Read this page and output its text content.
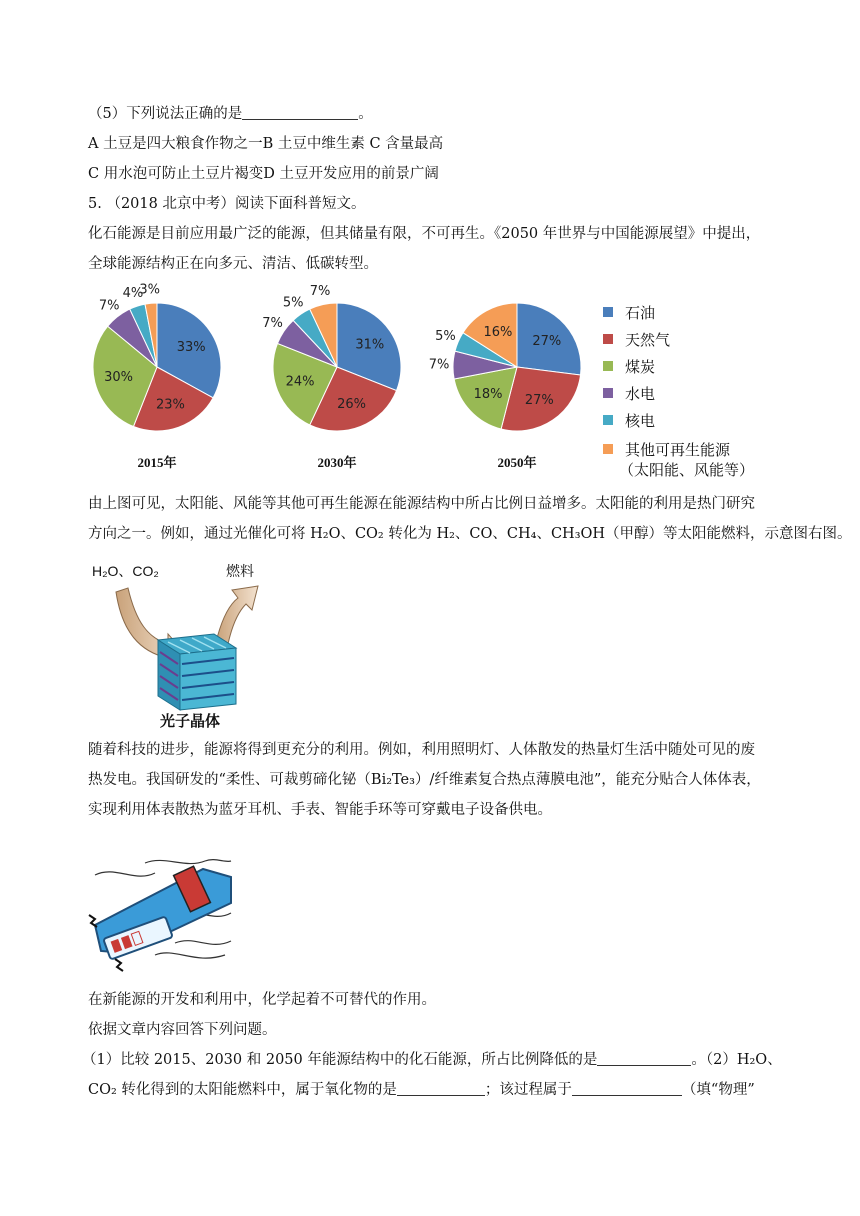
（5）下列说法正确的是	。
A 土豆是四大粮食作物之一B 土豆中维生素 C 含量最高
C 用水泡可防止土豆片褐变D 土豆开发应用的前景广阔
5. （2018 北京中考）阅读下面科普短文。
化石能源是目前应用最广泛的能源，但其储量有限，不可再生。《2050 年世界与中国能源展望》中提出，
全球能源结构正在向多元、清洁、低碳转型。
33%
23%
30%
7%
4%
3%
2015年
31%
26%
24%
7%
5%
7%
2030年
27%
27%
18%
7%
5% 16%
2050年
石油
天然气
煤炭
水电
核电
其他可再生能源
（太阳能、风能等）
由上图可见，太阳能、风能等其他可再生能源在能源结构中所占比例日益增多。太阳能的利用是热门研究
方向之一。例如，通过光催化可将 H₂O、CO₂ 转化为 H₂、CO、CH₄、CH₃OH（甲醇）等太阳能燃料，示意图右图。
H₂O、CO₂	燃料
光子晶体
随着科技的进步，能源将得到更充分的利用。例如，利用照明灯、人体散发的热量灯生活中随处可见的废
热发电。我国研发的“柔性、可裁剪碲化铋（Bi₂Te₃）/纤维素复合热点薄膜电池”，能充分贴合人体体表，
实现利用体表散热为蓝牙耳机、手表、智能手环等可穿戴电子设备供电。
在新能源的开发和利用中，化学起着不可替代的作用。
依据文章内容回答下列问题。
（1）比较 2015、2030 和 2050 年能源结构中的化石能源，所占比例降低的是	。（2）H₂O、
CO₂ 转化得到的太阳能燃料中，属于氧化物的是	；该过程属于	（填“物理”
